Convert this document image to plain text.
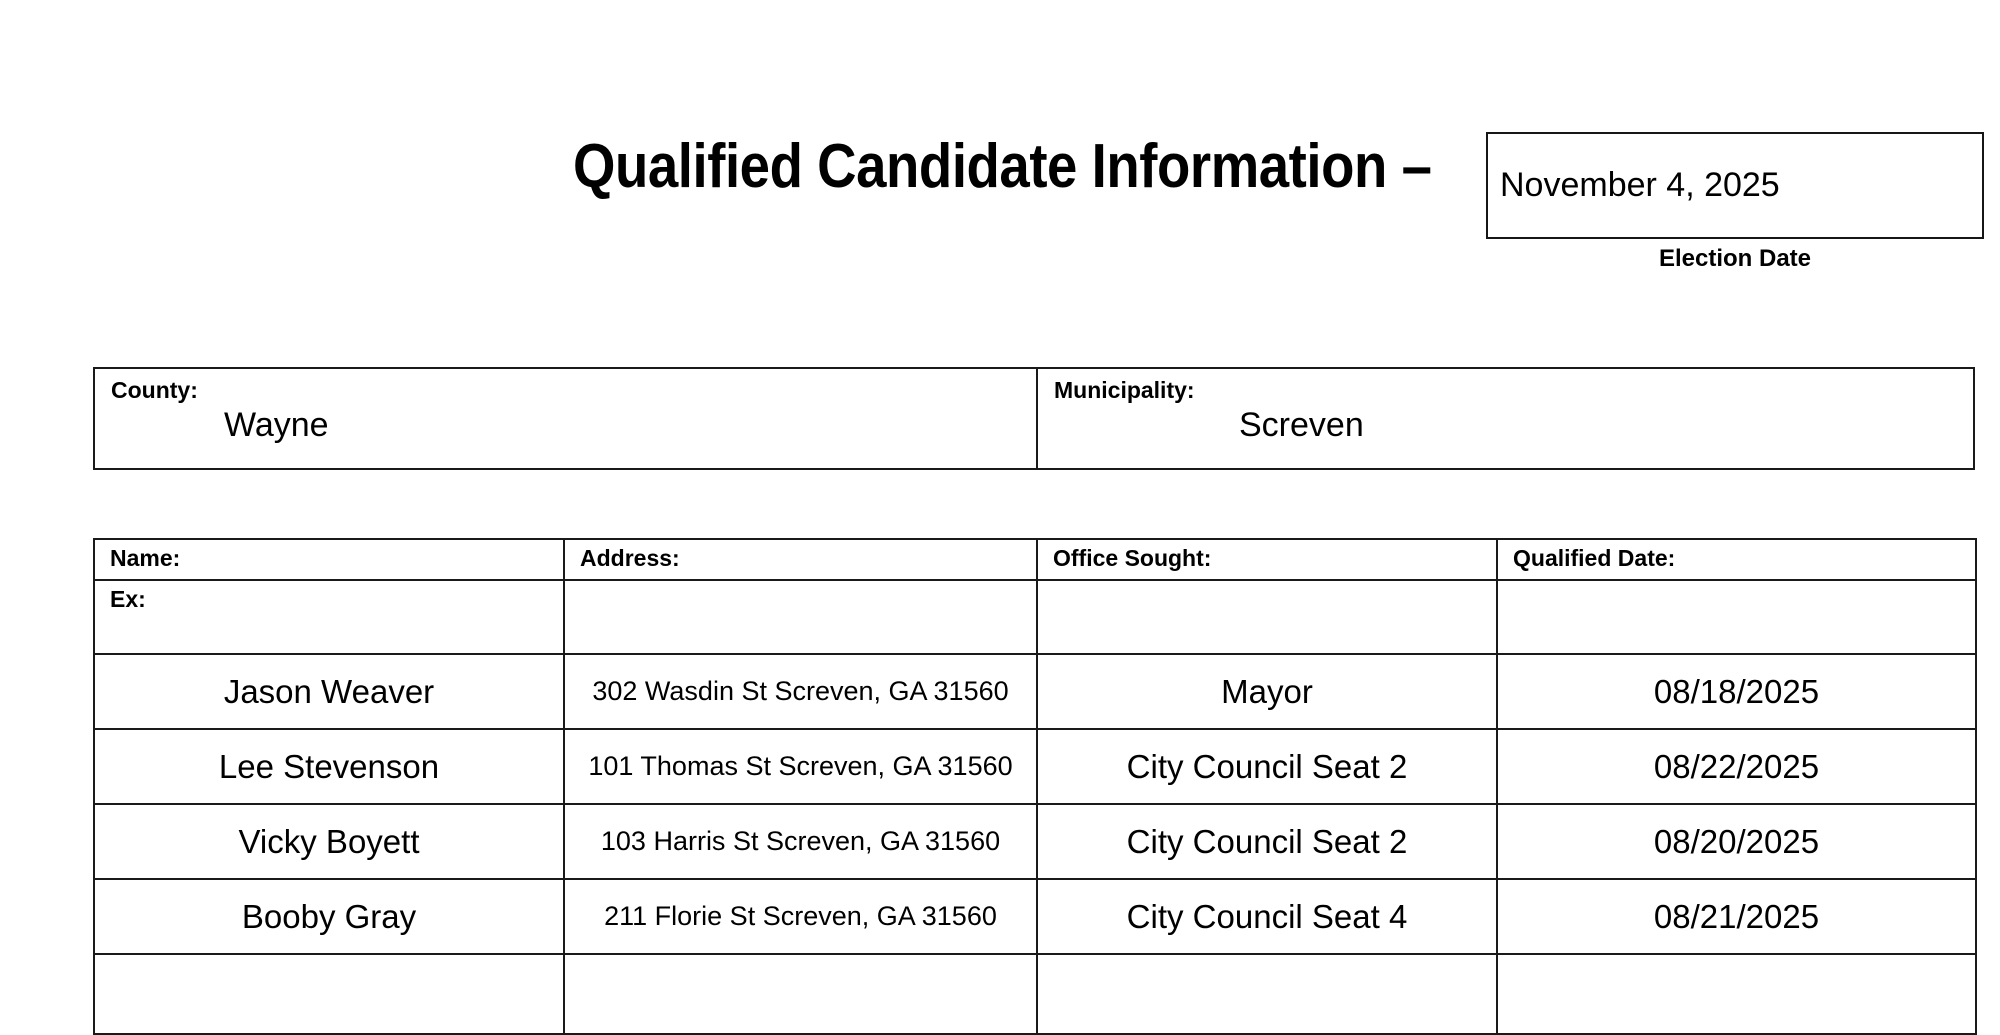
Qualified Candidate Information – November 4, 2025
Election Date
County:
Wayne
Municipality:
Screven
Name:	Address:	Office Sought:	Qualified Date:
Ex:			
Jason Weaver	302 Wasdin St Screven, GA 31560	Mayor	08/18/2025
Lee Stevenson	101 Thomas St Screven, GA 31560	City Council Seat 2	08/22/2025
Vicky Boyett	103 Harris St Screven, GA 31560	City Council Seat 2	08/20/2025
Booby Gray	211 Florie St Screven, GA 31560	City Council Seat 4	08/21/2025
